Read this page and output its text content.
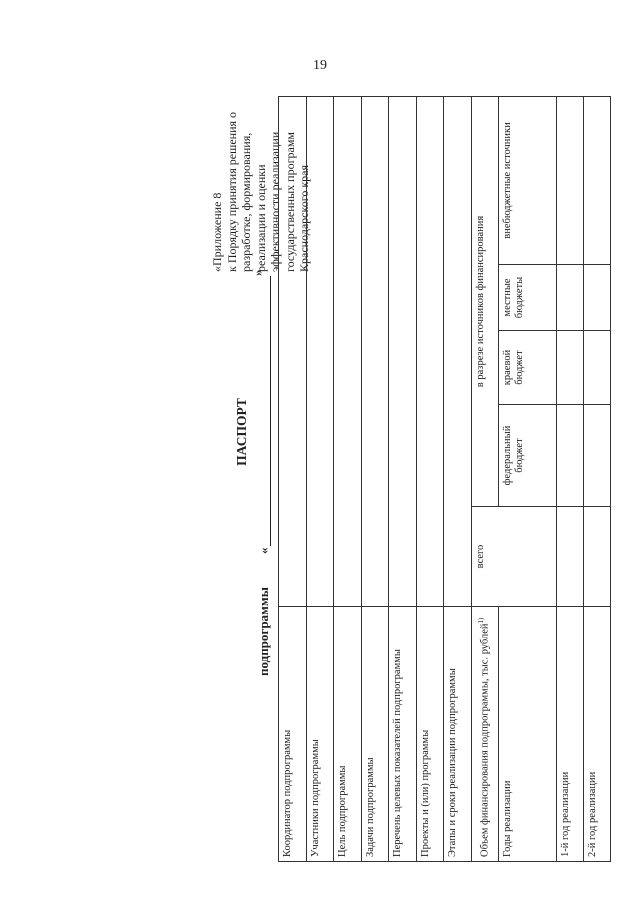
19
«Приложение 8 к Порядку принятия решения о разработке, формирования, реализации и оценки эффективности реализации государственных программ Краснодарского края
ПАСПОРТ
подпрограммы
«
»
Координатор подпрограммы					
Участники подпрограммы					
Цель подпрограммы					
Задачи подпрограммы					
Перечень целевых показателей подпрограммы					
Проекты и (или) программы					
Этапы и сроки реализации подпрограммы					
Объем финансирования подпрограммы, тыс. рублей$^{1)}$	всего	в разрезе источников финансирования			
Годы реализации		федеральный бюджет	краевой бюджет	местные бюджеты	внебюджетные источники
1-й год реализации					
2-й год реализации					
